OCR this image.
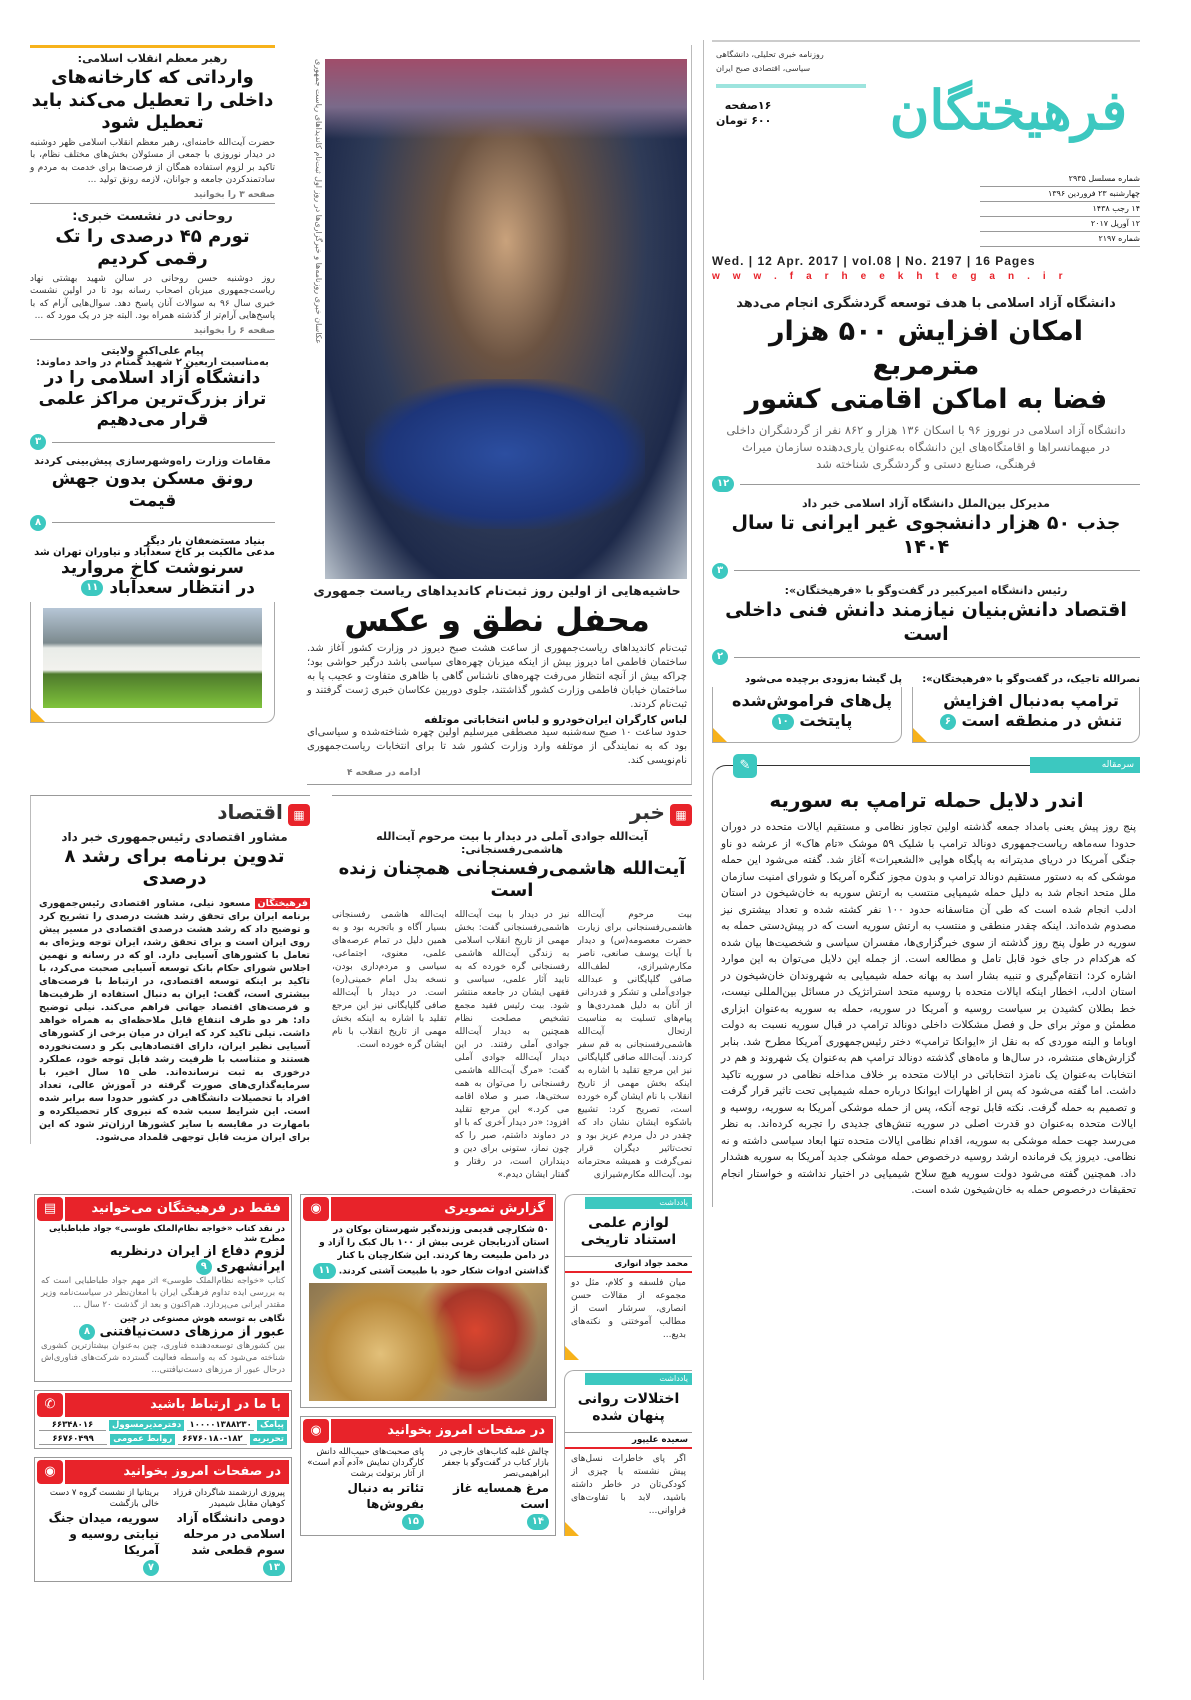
فرهیختگان
روزنامه خبری تحلیلی، دانشگاهی
سیاسی، اقتصادی صبح ایران
۱۶صفحه
۶۰۰ تومان
شماره مسلسل ۲۹۳۵
چهارشنبه ۲۳ فروردین ۱۳۹۶
۱۴ رجب ۱۴۳۸
۱۲ آوریل ۲۰۱۷
شماره ۲۱۹۷
Wed. | 12 Apr. 2017 | vol.08 | No. 2197 | 16 Pages
www.farheekhtegan.ir
دانشگاه آزاد اسلامی با هدف توسعه گردشگری انجام می‌دهد
امکان افزایش ۵۰۰ هزار مترمربع
فضا به اماکن اقامتی کشور
دانشگاه آزاد اسلامی در نوروز ۹۶ با اسکان ۱۳۶ هزار و ۸۶۲ نفر از گردشگران داخلی در میهمانسراها و اقامتگاه‌های این دانشگاه به‌عنوان یاری‌دهنده سازمان میراث فرهنگی، صنایع دستی و گردشگری شناخته شد
۱۲
مدیرکل بین‌الملل دانشگاه آزاد اسلامی خبر داد
جذب ۵۰ هزار دانشجوی غیر ایرانی تا سال ۱۴۰۴
۳
رئیس دانشگاه امیرکبیر در گفت‌وگو با «فرهیختگان»:
اقتصاد دانش‌بنیان نیازمند دانش فنی داخلی است
۲
نصرالله تاجیک، در گفت‌وگو با «فرهیختگان»:
ترامپ به‌دنبال افزایش تنش در منطقه است ۶
پل گیشا به‌زودی برچیده می‌شود
پل‌های فراموش‌شده پایتخت ۱۰
سرمقاله
✎
اندر دلایل حمله ترامپ به سوریه
پنج روز پیش یعنی بامداد جمعه گذشته اولین تجاوز نظامی و مستقیم ایالات متحده در دوران حدودا سه‌ماهه ریاست‌جمهوری دونالد ترامپ با شلیک ۵۹ موشک «تام هاک» از عرشه دو ناو جنگی آمریکا در دریای مدیترانه به پایگاه هوایی «الشعیرات» آغاز شد. گفته می‌شود این حمله موشکی که به دستور مستقیم دونالد ترامپ و بدون مجوز کنگره آمریکا و شورای امنیت سازمان ملل متحد انجام شد به دلیل حمله شیمیایی منتسب به ارتش سوریه به خان‌شیخون در استان ادلب انجام شده است که طی آن متاسفانه حدود ۱۰۰ نفر کشته شده و تعداد بیشتری نیز مصدوم شده‌اند. اینکه چقدر منطقی و منتسب به ارتش سوریه است که در پیش‌دستی حمله به سوریه در طول پنج روز گذشته از سوی خبرگزاری‌ها، مفسران سیاسی و شخصیت‌ها بیان شده که هرکدام در جای خود قابل تامل و مطالعه است. از جمله این دلایل می‌توان به این موارد اشاره کرد: انتقام‌گیری و تنبیه بشار اسد به بهانه حمله شیمیایی به شهروندان خان‌شیخون در استان ادلب، اخطار اینکه ایالات متحده با روسیه متحد استراتژیک در مسائل بین‌المللی نیست، خط بطلان کشیدن بر سیاست روسیه و آمریکا در سوریه، حمله به سوریه به‌عنوان ابزاری مطمئن و موثر برای حل و فصل مشکلات داخلی دونالد ترامپ در قبال سوریه نسبت به دولت اوباما و البته موردی که به نقل از «ایوانکا ترامپ» دختر رئیس‌جمهوری آمریکا مطرح شد. بنابر گزارش‌های منتشره، در سال‌ها و ماه‌های گذشته دونالد ترامپ هم به‌عنوان یک شهروند و هم در انتخابات به‌عنوان یک نامزد انتخاباتی در ایالات متحده بر خلاف مداخله نظامی در سوریه تاکید داشت. اما گفته می‌شود که پس از اظهارات ایوانکا درباره حمله شیمیایی تحت تاثیر قرار گرفت و تصمیم به حمله گرفت. نکته قابل توجه آنکه، پس از حمله موشکی آمریکا به سوریه، روسیه و ایالات متحده به‌عنوان دو قدرت اصلی در سوریه تنش‌های جدیدی را تجربه کرده‌اند. به نظر می‌رسد جهت حمله موشکی به سوریه، اقدام نظامی ایالات متحده تنها ابعاد سیاسی داشته و نه نظامی. دیروز یک فرمانده ارشد روسیه درخصوص حمله موشکی جدید آمریکا به سوریه هشدار داد. همچنین گفته می‌شود دولت سوریه هیچ سلاح شیمیایی در اختیار نداشته و خواستار انجام تحقیقات درخصوص حمله به خان‌شیخون شده است.
عکاسان خبری روزنامه‌ها و خبرگزاری‌ها در روز اول ثبت‌نام کاندیداهای ریاست جمهوری
حاشیه‌هایی از اولین روز ثبت‌نام کاندیداهای ریاست جمهوری
محفل نطق و عکس
ثبت‌نام کاندیداهای ریاست‌جمهوری از ساعت هشت صبح دیروز در وزارت کشور آغاز شد. ساختمان فاطمی اما دیروز بیش از اینکه میزبان چهره‌های سیاسی باشد درگیر حواشی بود؛ چراکه بیش از آنچه انتظار می‌رفت چهره‌های ناشناس گاهی با ظاهری متفاوت و عجیب پا به ساختمان خیابان فاطمی وزارت کشور گذاشتند، جلوی دوربین عکاسان خبری ژست گرفتند و ثبت‌نام کردند.
لباس کارگران ایران‌خودرو و لباس انتخاباتی موتلفه
حدود ساعت ۱۰ صبح سه‌شنبه سید مصطفی میرسلیم اولین چهره شناخته‌شده و سیاسی‌ای بود که به نمایندگی از موتلفه وارد وزارت کشور شد تا برای انتخابات ریاست‌جمهوری نام‌نویسی کند.
ادامه در صفحه ۴
رهبر معظم انقلاب اسلامی:
وارداتی که کارخانه‌های داخلی را تعطیل می‌کند باید تعطیل شود
حضرت آیت‌الله خامنه‌ای، رهبر معظم انقلاب اسلامی ظهر دوشنبه در دیدار نوروزی با جمعی از مسئولان بخش‌های مختلف نظام، با تاکید بر لزوم استفاده همگان از فرصت‌ها برای خدمت به مردم و سادتمندکردن جامعه و جوانان، لازمه رونق تولید ...
صفحه ۳ را بخوانید
روحانی در نشست خبری:
تورم ۴۵ درصدی را تک رقمی کردیم
روز دوشنبه حسن روحانی در سالن شهید بهشتی نهاد ریاست‌جمهوری میزبان اصحاب رسانه بود تا در اولین نشست خبری سال ۹۶ به سوالات آنان پاسخ دهد. سوال‌هایی آرام که با پاسخ‌هایی آرام‌تر از گذشته همراه بود. البته جز در یک مورد که ...
صفحه ۶ را بخوانید
پیام علی‌اکبر ولایتی
به‌مناسبت اربعین ۲ شهید گمنام در واحد دماوند:
دانشگاه آزاد اسلامی را در تراز بزرگ‌ترین مراکز علمی قرار می‌دهیم
۳
مقامات وزارت راه‌وشهرسازی پیش‌بینی کردند
رونق مسکن بدون جهش قیمت
۸
بنیاد مستضعفان بار دیگر
مدعی مالکیت بر کاخ سعدآباد و نیاوران تهران شد
سرنوشت کاخ مروارید
در انتظار سعدآباد ۱۱
▦ خبر
آیت‌الله جوادی آملی در دیدار با بیت مرحوم آیت‌الله هاشمی‌رفسنجانی:
آیت‌الله هاشمی‌رفسنجانی همچنان زنده است
بیت مرحوم آیت‌الله هاشمی‌رفسنجانی برای زیارت حضرت معصومه(س) و دیدار با آیات یوسف صانعی، ناصر مکارم‌شیرازی، لطف‌الله صافی گلپایگانی و عبدالله جوادی‌آملی و تشکر و قدردانی از آنان به دلیل همدردی‌ها و پیام‌های تسلیت به مناسبت ارتحال آیت‌الله هاشمی‌رفسنجانی به قم سفر کردند. آیت‌الله صافی گلپایگانی نیز این مرجع تقلید با اشاره به اینکه بخش مهمی از تاریخ انقلاب با نام ایشان گره خورده است، تصریح کرد: تشییع باشکوه ایشان نشان داد که چقدر در دل مردم عزیز بود و تحت‌تاثیر دیگران قرار نمی‌گرفت و همیشه محترمانه بود. آیت‌الله مکارم‌شیرازی
نیز در دیدار با بیت آیت‌الله هاشمی‌رفسنجانی گفت: بخش مهمی از تاریخ انقلاب اسلامی به زندگی آیت‌الله هاشمی رفسنجانی گره خورده که به تایید آثار علمی، سیاسی و فقهی ایشان در جامعه منتشر شود. بیت رئیس فقید مجمع تشخیص مصلحت نظام همچنین به دیدار آیت‌الله جوادی آملی رفتند. در این دیدار آیت‌الله جوادی آملی گفت: «مرگ آیت‌الله هاشمی رفسنجانی را می‌توان به همه سختی‌ها، صبر و صلاه اقامه می کرد.» این مرجع تقلید افزود: «در دیدار آخری که با او در دماوند داشتم، صبر را که چون نماز، ستونی برای دین و دینداران است، در رفتار و گفتار ایشان دیدم.»
ایت‌الله هاشمی رفسنجانی بسیار آگاه و باتجربه بود و به همین دلیل در تمام عرصه‌های علمی، معنوی، اجتماعی، سیاسی و مردم‌داری بودن، نسخه بدل امام خمینی(ره) است. در دیدار با آیت‌الله صافی گلپایگانی نیز این مرجع تقلید با اشاره به اینکه بخش مهمی از تاریخ انقلاب با نام ایشان گره خورده است.
▦ اقتصاد
مشاور اقتصادی رئیس‌جمهوری خبر داد
تدوین برنامه برای رشد ۸ درصدی
فرهیختگان مسعود نیلی، مشاور اقتصادی رئیس‌جمهوری برنامه ایران برای تحقق رشد هشت درصدی را تشریح کرد و توضیح داد که رشد هشت درصدی اقتصادی در مسیر پیش روی ایران است و برای تحقق رشد، ایران توجه ویژه‌ای به تعامل با کشورهای آسیایی دارد. او که در رسانه و نهمین اجلاس شورای حکام بانک توسعه آسیایی صحبت می‌کرد، با تاکید بر اینکه توسعه اقتصادی، در ارتباط با فرصت‌های بیشتری است، گفت: ایران به دنبال استفاده از ظرفیت‌ها و فرصت‌های اقتصاد جهانی فراهم می‌کند. نیلی توضیح داد: هر دو طرف انتفاع قابل ملاحظه‌ای به همراه خواهد داشت. نیلی تاکید کرد که ایران در میان برخی از کشورهای آسیایی نظیر ایران، دارای اقتصادهایی بکر و دست‌نخورده هستند و متناسب با ظرفیت رشد قابل توجه خود، عملکرد درخوری به ثبت نرسانده‌اند. طی ۱۵ سال اخیر، با سرمایه‌گذاری‌های صورت گرفته در آموزش عالی، تعداد افراد با تحصیلات دانشگاهی در کشور حدودا سه برابر شده است. این شرایط سبب شده که نیروی کار تحصیلکرده و بامهارت در مقایسه با سایر کشورها ارزان‌تر شود که این برای ایران مزیت قابل توجهی قلمداد می‌شود.
یادداشت
لوازم علمی استناد تاریخی
محمد جواد انواری
میان فلسفه و کلام، مثل دو مجموعه از مقالات حسن انصاری، سرشار است از مطالب آموختنی و نکته‌های بدیع...
یادداشت
اختلالات روانی پنهان شده
سعیده علیپور
اگر پای خاطرات نسل‌های پیش نشسته یا چیزی از کودکی‌تان در خاطر داشته باشید، لابد با تفاوت‌های فراوانی...
گزارش تصویری
◉
۵۰ شکارچی قدیمی وزنده‌گیر شهرستان بوکان در استان آذربایجان غربی بیش از ۱۰۰ بال کبک را آزاد و در دامن طبیعت رها کردند. این شکارچیان با کنار گذاشتن ادوات شکار خود با طبیعت آشتی کردند. ۱۱
در صفحات امروز بخوانید
◉
چالش غلبه کتاب‌های خارجی در بازار کتاب در گفت‌وگو با جعفر ابراهیمی‌نصر
مرغ همسایه غاز است
۱۴
پای صحبت‌های حبیب‌الله دانش کارگردان نمایش «آدم آدم است» از آثار برتولت برشت
تئاتر به دنبال بفروش‌ها
۱۵
فقط در فرهیختگان می‌خوانید
▤
در نقد کتاب «خواجه نظام‌الملک طوسی» جواد طباطبایی مطرح شد
لزوم دفاع از ایران درنظریه ایرانشهری ۹
کتاب «خواجه نظام‌الملک طوسی» اثر مهم جواد طباطبایی است که به بررسی ایده تداوم فرهنگی ایران با امعان‌نظر در سیاست‌نامه وزیر مقتدر ایرانی می‌پردازد. هم‌اکنون و بعد از گذشت ۲۰ سال ...
نگاهی به توسعه هوش مصنوعی در چین
عبور از مرزهای دست‌نیافتنی ۸
بین کشورهای توسعه‌دهنده فناوری، چین به‌عنوان بیشتازترین کشوری شناخته می‌شود که به واسطه فعالیت گسترده شرکت‌های فناوری‌اش درحال عبور از مرزهای دست‌نیافتنی...
با ما در ارتباط باشید
✆
پیامک
۱۰۰۰۰۱۳۸۸۲۳۰
دفترمدیرمسوول
۶۶۳۴۸۰۱۶
تحریریه
۶۶۷۶۰۱۸۰-۱۸۲
روابط عمومی
۶۶۷۶۰۴۹۹
در صفحات امروز بخوانید
◉
پیروزی ارزشمند شاگردان فرزاد کوهیان مقابل شیمیدر
دومی دانشگاه آزاد اسلامی در مرحله سوم قطعی شد
۱۳
بریتانیا از نشست گروه ۷ دست خالی بازگشت
سوریه، میدان جنگ نیابتی روسیه و آمریکا
۷
